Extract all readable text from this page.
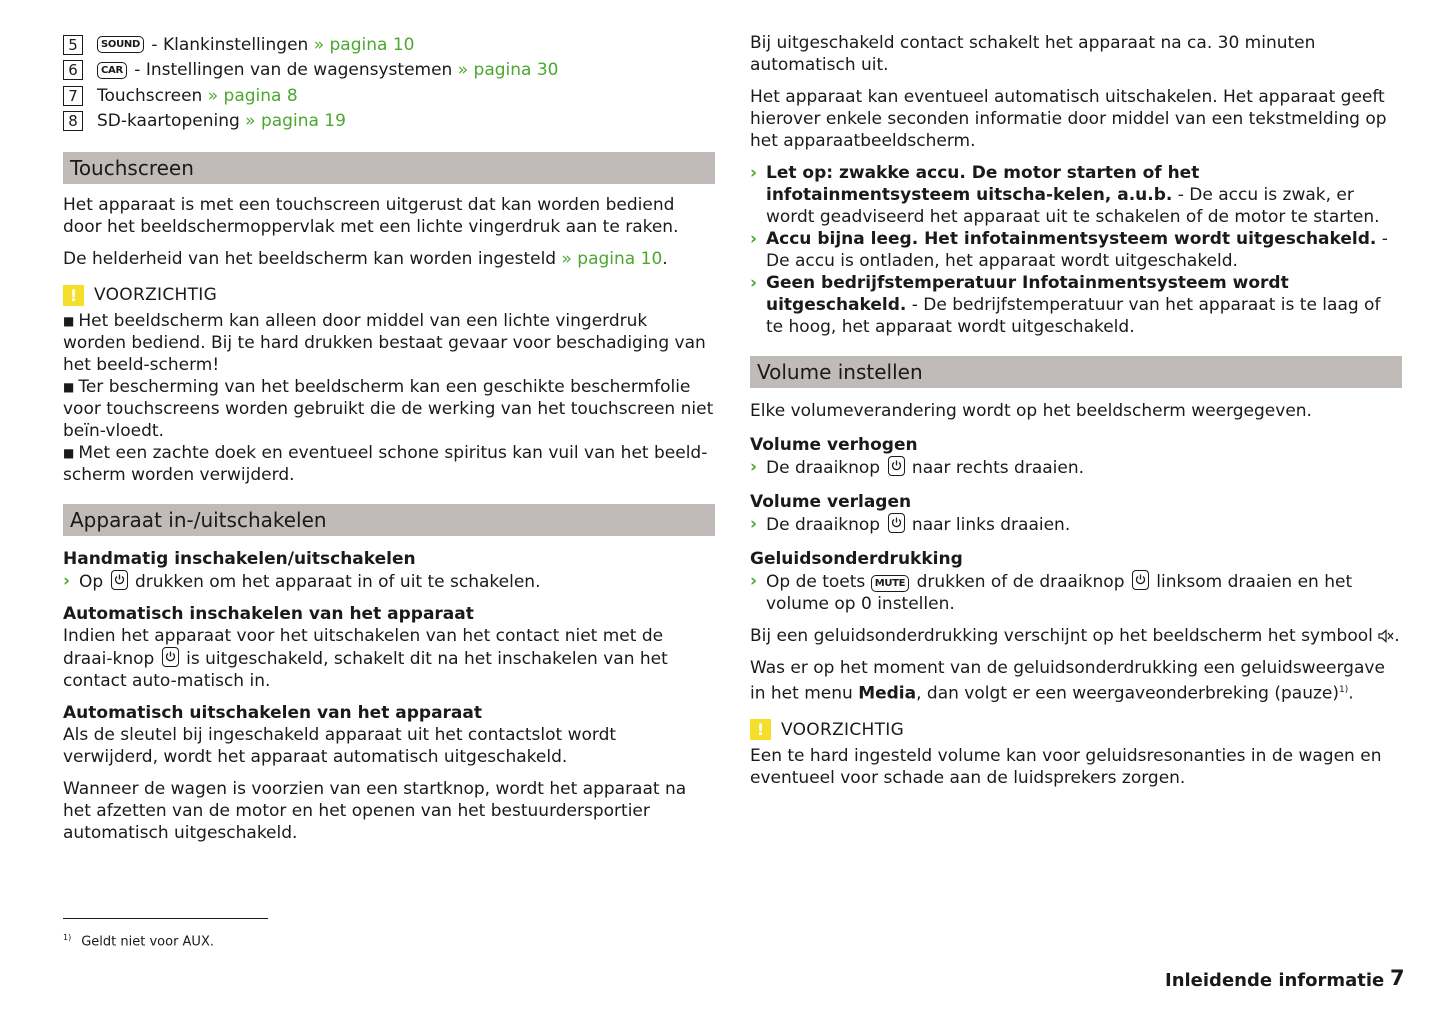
5	SOUND - Klankinstellingen » pagina 10
6	CAR - Instellingen van de wagensystemen » pagina 30
7	Touchscreen » pagina 8
8	SD-kaartopening » pagina 19
Touchscreen

Het apparaat is met een touchscreen uitgerust dat kan worden bediend door het beeldschermoppervlak met een lichte vingerdruk aan te raken.

De helderheid van het beeldscherm kan worden ingesteld » pagina 10.

! VOORZICHTIG
■ Het beeldscherm kan alleen door middel van een lichte vingerdruk worden bediend. Bij te hard drukken bestaat gevaar voor beschadiging van het beeld-scherm!
■ Ter bescherming van het beeldscherm kan een geschikte beschermfolie voor touchscreens worden gebruikt die de werking van het touchscreen niet beïn-vloedt.
■ Met een zachte doek en eventueel schone spiritus kan vuil van het beeld-scherm worden verwijderd.
Apparaat in-/uitschakelen

Handmatig inschakelen/uitschakelen

› Op
drukken om het apparaat in of uit te schakelen.

Automatisch inschakelen van het apparaat

Indien het apparaat voor het uitschakelen van het contact niet met de draai-knop
is uitgeschakeld, schakelt dit na het inschakelen van het contact auto-matisch in.

Automatisch uitschakelen van het apparaat

Als de sleutel bij ingeschakeld apparaat uit het contactslot wordt verwijderd, wordt het apparaat automatisch uitgeschakeld.

Wanneer de wagen is voorzien van een startknop, wordt het apparaat na het afzetten van de motor en het openen van het bestuurdersportier automatisch uitgeschakeld.

Bij uitgeschakeld contact schakelt het apparaat na ca. 30 minuten automatisch uit.

Het apparaat kan eventueel automatisch uitschakelen. Het apparaat geeft hierover enkele seconden informatie door middel van een tekstmelding op het apparaatbeeldscherm.

› Let op: zwakke accu. De motor starten of het infotainmentsysteem uitscha-kelen, a.u.b. - De accu is zwak, er wordt geadviseerd het apparaat uit te schakelen of de motor te starten.
› Accu bijna leeg. Het infotainmentsysteem wordt uitgeschakeld. - De accu is ontladen, het apparaat wordt uitgeschakeld.
› Geen bedrijfstemperatuur Infotainmentsysteem wordt uitgeschakeld. - De bedrijfstemperatuur van het apparaat is te laag of te hoog, het apparaat wordt uitgeschakeld.
Volume instellen

Elke volumeverandering wordt op het beeldscherm weergegeven.

Volume verhogen

› De draaiknop
naar rechts draaien.

Volume verlagen

› De draaiknop
naar links draaien.

Geluidsonderdrukking

› Op de toets MUTE drukken of de draaiknop
linksom draaien en het volume op 0 instellen.

Bij een geluidsonderdrukking verschijnt op het beeldscherm het symbool .

Was er op het moment van de geluidsonderdrukking een geluidsweergave in het menu Media, dan volgt er een weergaveonderbreking (pauze)$^{1)}$.

! VOORZICHTIG

Een te hard ingesteld volume kan voor geluidsresonanties in de wagen en eventueel voor schade aan de luidsprekers zorgen.

$^{1)}$ Geldt niet voor AUX.
Inleidende informatie 7
